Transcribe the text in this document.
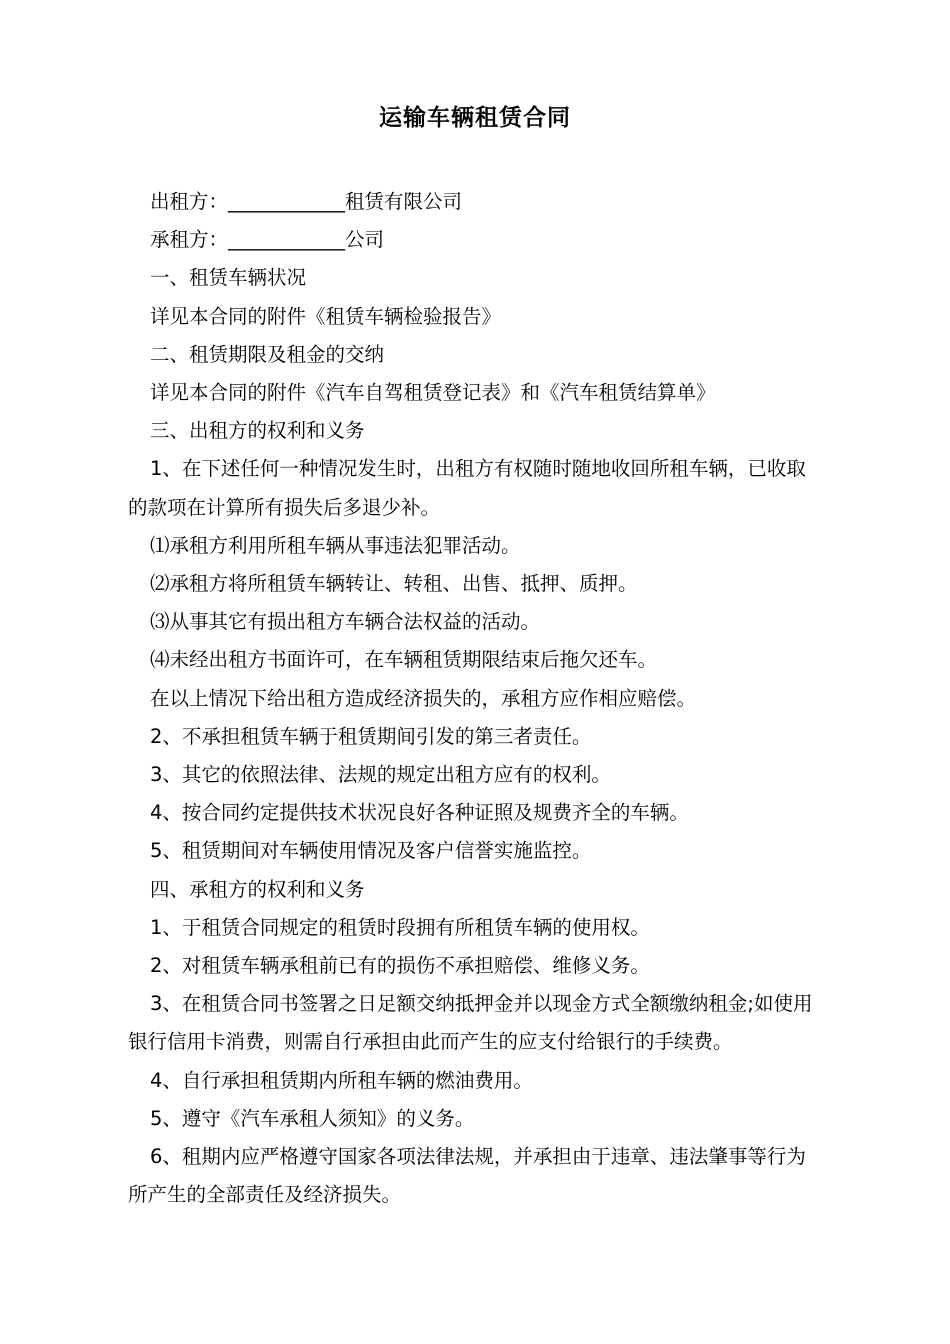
运输车辆租赁合同

出租方：____________租赁有限公司

承租方：____________公司

一、租赁车辆状况

详见本合同的附件《租赁车辆检验报告》

二、租赁期限及租金的交纳

详见本合同的附件《汽车自驾租赁登记表》和《汽车租赁结算单》

三、出租方的权利和义务

1、在下述任何一种情况发生时，出租方有权随时随地收回所租车辆，已收取的款项在计算所有损失后多退少补。

⑴承租方利用所租车辆从事违法犯罪活动。

⑵承租方将所租赁车辆转让、转租、出售、抵押、质押。

⑶从事其它有损出租方车辆合法权益的活动。

⑷未经出租方书面许可，在车辆租赁期限结束后拖欠还车。

在以上情况下给出租方造成经济损失的，承租方应作相应赔偿。

2、不承担租赁车辆于租赁期间引发的第三者责任。

3、其它的依照法律、法规的规定出租方应有的权利。

4、按合同约定提供技术状况良好各种证照及规费齐全的车辆。

5、租赁期间对车辆使用情况及客户信誉实施监控。

四、承租方的权利和义务

1、于租赁合同规定的租赁时段拥有所租赁车辆的使用权。

2、对租赁车辆承租前已有的损伤不承担赔偿、维修义务。

3、在租赁合同书签署之日足额交纳抵押金并以现金方式全额缴纳租金;如使用银行信用卡消费，则需自行承担由此而产生的应支付给银行的手续费。

4、自行承担租赁期内所租车辆的燃油费用。

5、遵守《汽车承租人须知》的义务。

6、租期内应严格遵守国家各项法律法规，并承担由于违章、违法肇事等行为所产生的全部责任及经济损失。
